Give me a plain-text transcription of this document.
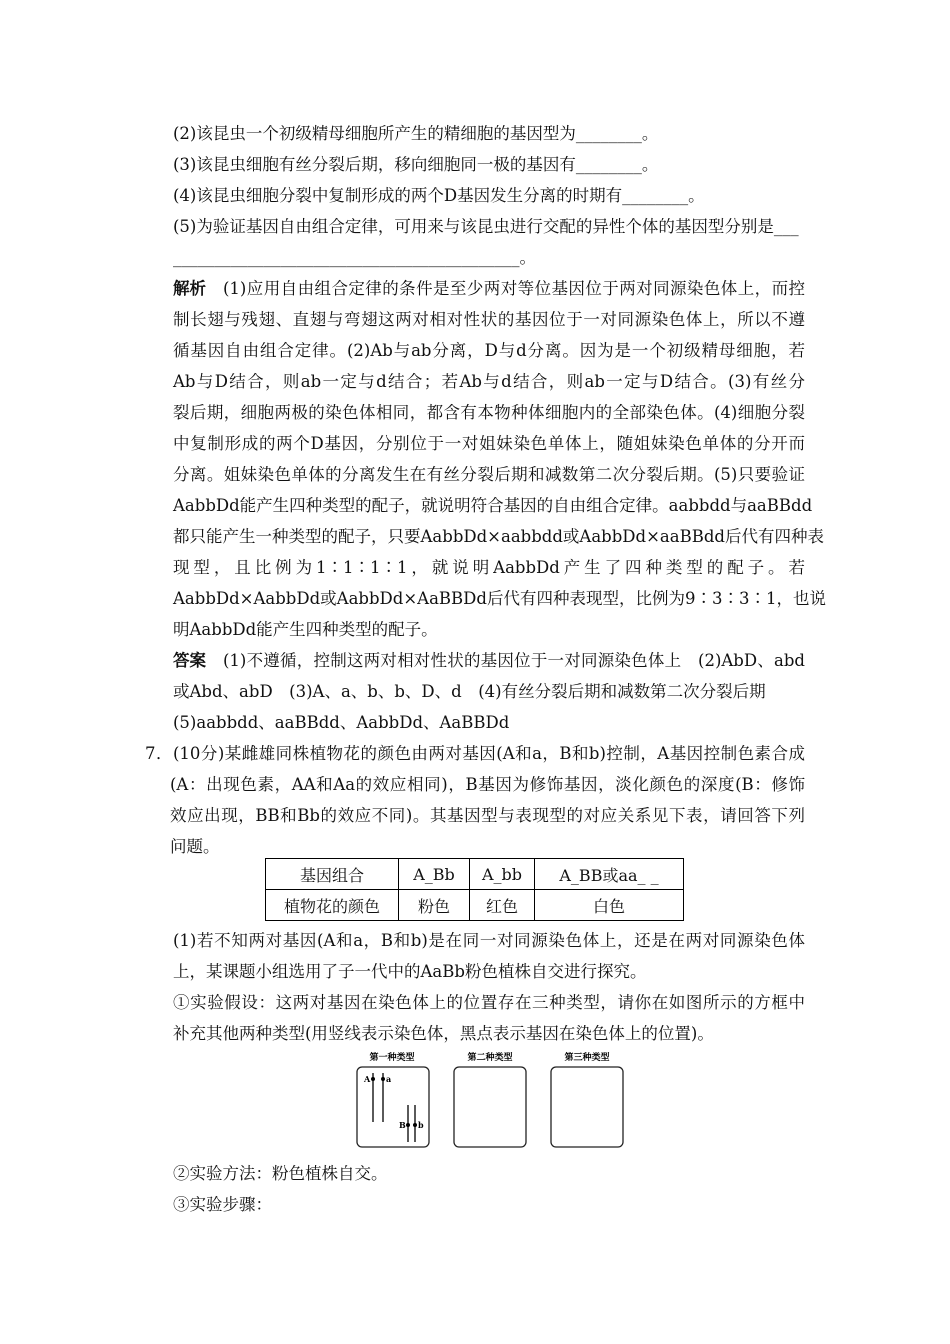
(2)该昆虫一个初级精母细胞所产生的精细胞的基因型为________。
(3)该昆虫细胞有丝分裂后期，移向细胞同一极的基因有________。
(4)该昆虫细胞分裂中复制形成的两个D基因发生分离的时期有________。
(5)为验证基因自由组合定律，可用来与该昆虫进行交配的异性个体的基因型分别是___
__________________________________________。
解析 (1)应用自由组合定律的条件是至少两对等位基因位于两对同源染色体上，而控
制长翅与残翅、直翅与弯翅这两对相对性状的基因位于一对同源染色体上，所以不遵
循基因自由组合定律。(2)Ab与ab分离，D与d分离。因为是一个初级精母细胞，若
Ab与D结合，则ab一定与d结合；若Ab与d结合，则ab一定与D结合。(3)有丝分
裂后期，细胞两极的染色体相同，都含有本物种体细胞内的全部染色体。(4)细胞分裂
中复制形成的两个D基因，分别位于一对姐妹染色单体上，随姐妹染色单体的分开而
分离。姐妹染色单体的分离发生在有丝分裂后期和减数第二次分裂后期。(5)只要验证
AabbDd能产生四种类型的配子，就说明符合基因的自由组合定律。aabbdd与aaBBdd
都只能产生一种类型的配子，只要AabbDd×aabbdd或AabbDd×aaBBdd后代有四种表
现型，且比例为1∶1∶1∶1，就说明AabbDd产生了四种类型的配子。若
AabbDd×AabbDd或AabbDd×AaBBDd后代有四种表现型，比例为9∶3∶3∶1，也说
明AabbDd能产生四种类型的配子。
答案 (1)不遵循，控制这两对相对性状的基因位于一对同源染色体上　(2)AbD、abd
或Abd、abD　(3)A、a、b、b、D、d　(4)有丝分裂后期和减数第二次分裂后期
(5)aabbdd、aaBBdd、AabbDd、AaBBDd
7．(10分)某雌雄同株植物花的颜色由两对基因(A和a，B和b)控制，A基因控制色素合成
(A：出现色素，AA和Aa的效应相同)，B基因为修饰基因，淡化颜色的深度(B：修饰
效应出现，BB和Bb的效应不同)。其基因型与表现型的对应关系见下表，请回答下列
问题。
基因组合	A_Bb	A_bb	A_BB或aa_ _
植物花的颜色	粉色	红色	白色
(1)若不知两对基因(A和a，B和b)是在同一对同源染色体上，还是在两对同源染色体
上，某课题小组选用了子一代中的AaBb粉色植株自交进行探究。
①实验假设：这两对基因在染色体上的位置存在三种类型，请你在如图所示的方框中
补充其他两种类型(用竖线表示染色体，黑点表示基因在染色体上的位置)。
第一种类型	第二种类型	第三种类型
A a
B b
②实验方法：粉色植株自交。
③实验步骤：
